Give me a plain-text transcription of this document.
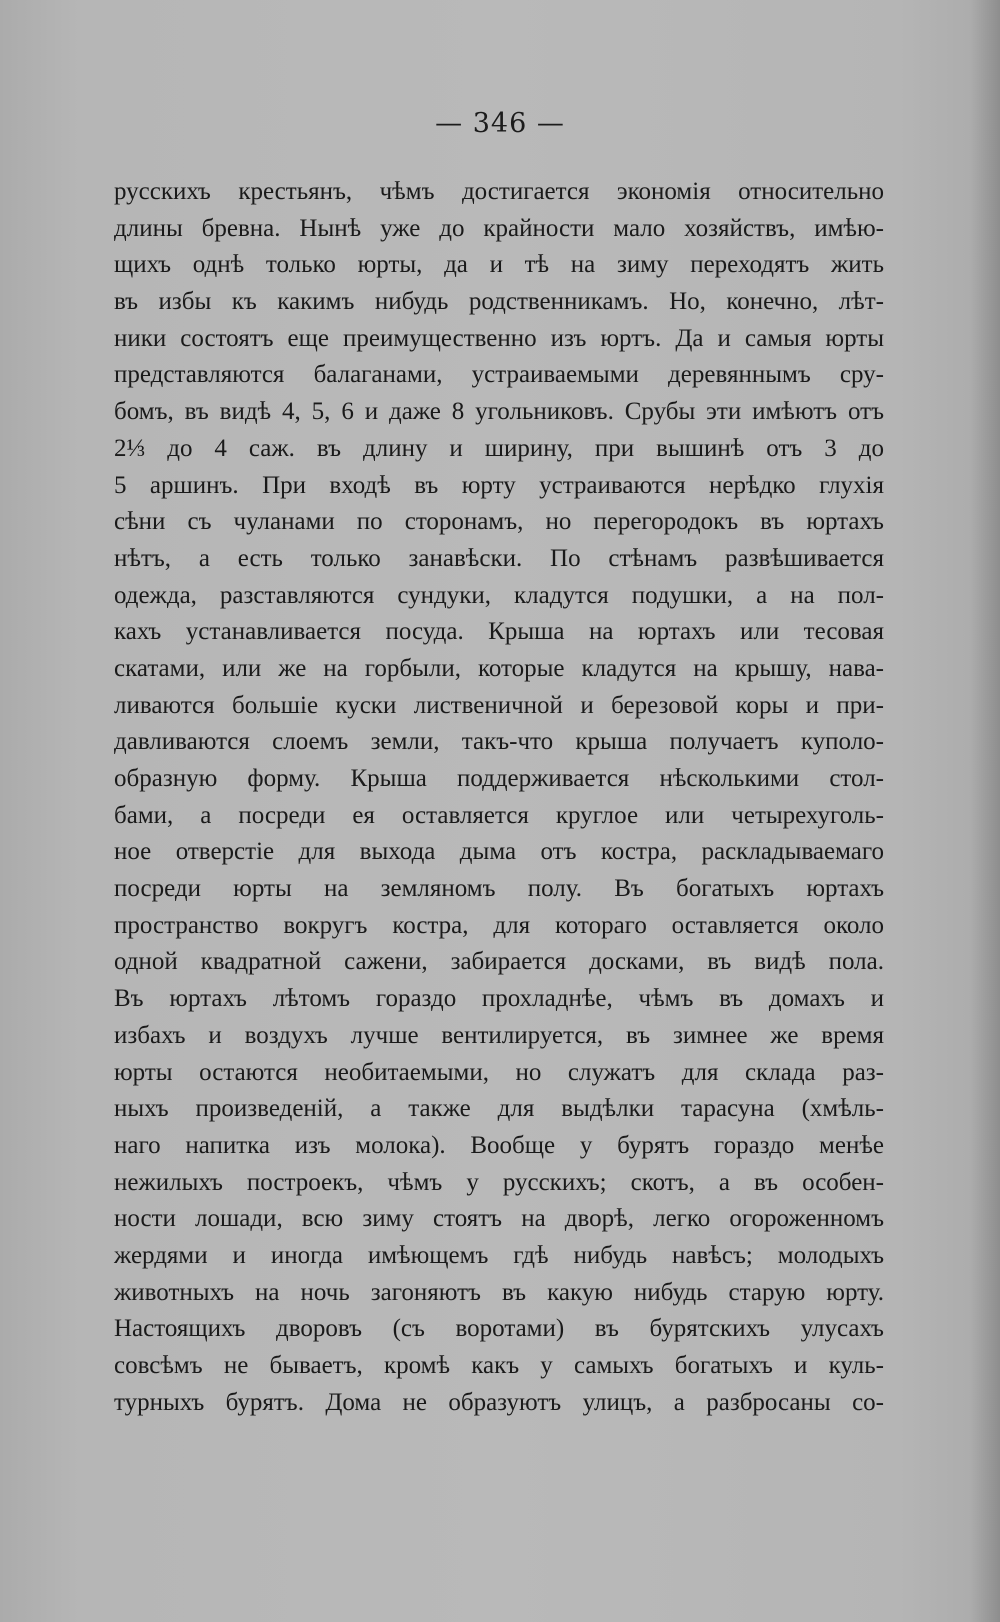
— 346 —
русскихъ крестьянъ, чѣмъ достигается экономія относительно
длины бревна. Нынѣ уже до крайности мало хозяйствъ, имѣю-
щихъ однѣ только юрты, да и тѣ на зиму переходятъ жить
въ избы къ какимъ нибудь родственникамъ. Но, конечно, лѣт-
ники состоятъ еще преимущественно изъ юртъ. Да и самыя юрты
представляются балаганами, устраиваемыми деревяннымъ сру-
бомъ, въ видѣ 4, 5, 6 и даже 8 угольниковъ. Срубы эти имѣютъ отъ
2⅓ до 4 саж. въ длину и ширину, при вышинѣ отъ 3 до
5 аршинъ. При входѣ въ юрту устраиваются нерѣдко глухія
сѣни съ чуланами по сторонамъ, но перегородокъ въ юртахъ
нѣтъ, а есть только занавѣски. По стѣнамъ развѣшивается
одежда, разставляются сундуки, кладутся подушки, а на пол-
кахъ устанавливается посуда. Крыша на юртахъ или тесовая
скатами, или же на горбыли, которые кладутся на крышу, нава-
ливаются большіе куски лиственичной и березовой коры и при-
давливаются слоемъ земли, такъ-что крыша получаетъ куполо-
образную форму. Крыша поддерживается нѣсколькими стол-
бами, а посреди ея оставляется круглое или четырехуголь-
ное отверстіе для выхода дыма отъ костра, раскладываемаго
посреди юрты на земляномъ полу. Въ богатыхъ юртахъ
пространство вокругъ костра, для котораго оставляется около
одной квадратной сажени, забирается досками, въ видѣ пола.
Въ юртахъ лѣтомъ гораздо прохладнѣе, чѣмъ въ домахъ и
избахъ и воздухъ лучше вентилируется, въ зимнее же время
юрты остаются необитаемыми, но служатъ для склада раз-
ныхъ произведеній, а также для выдѣлки тарасуна (хмѣль-
наго напитка изъ молока). Вообще у бурятъ гораздо менѣе
нежилыхъ построекъ, чѣмъ у русскихъ; скотъ, а въ особен-
ности лошади, всю зиму стоятъ на дворѣ, легко огороженномъ
жердями и иногда имѣющемъ гдѣ нибудь навѣсъ; молодыхъ
животныхъ на ночь загоняютъ въ какую нибудь старую юрту.
Настоящихъ дворовъ (съ воротами) въ бурятскихъ улусахъ
совсѣмъ не бываетъ, кромѣ какъ у самыхъ богатыхъ и куль-
турныхъ бурятъ. Дома не образуютъ улицъ, а разбросаны со-
